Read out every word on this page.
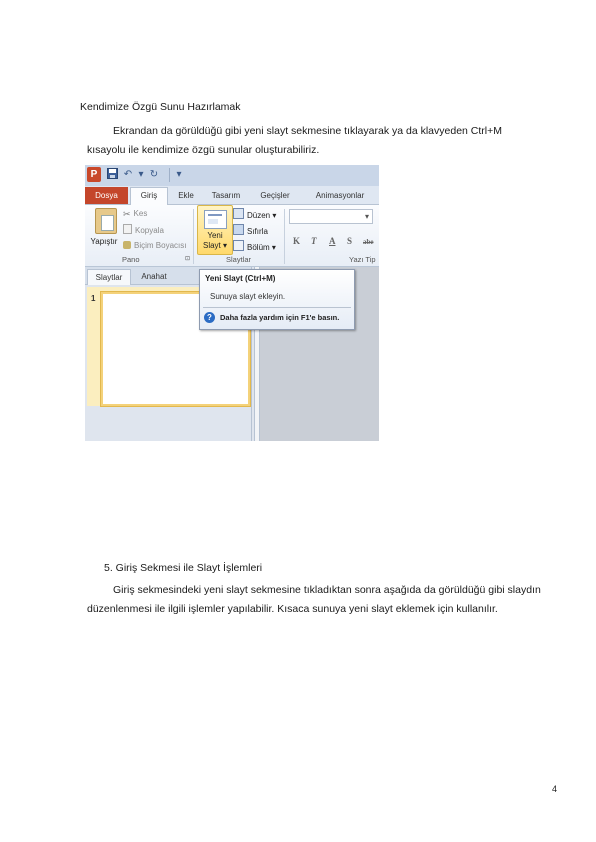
Kendimize Özgü Sunu Hazırlamak
Ekrandan da görüldüğü gibi yeni slayt sekmesine tıklayarak ya da klavyeden Ctrl+M
kısayolu ile kendimize özgü sunular oluşturabiliriz.
P	↶ ▾ ↻	▾
Dosya	Giriş	Ekle	Tasarım	Geçişler	Animasyonlar
Yapıştır
✂ Kes
Kopyala
Biçim Boyacısı
Pano	⊡
Yeni
Slayt ▾
Düzen ▾
Sıfırla
Bölüm ▾
Slaytlar
▾
K T A S abe
Yazı Tip
Slaytlar	Anahat
1
Yeni Slayt (Ctrl+M)
Sunuya slayt ekleyin.
?	Daha fazla yardım için F1'e basın.
5. Giriş Sekmesi ile Slayt İşlemleri
Giriş sekmesindeki yeni slayt sekmesine tıkladıktan sonra aşağıda da görüldüğü gibi slaydın
düzenlenmesi ile ilgili işlemler yapılabilir. Kısaca sunuya yeni slayt eklemek için kullanılır.
4
